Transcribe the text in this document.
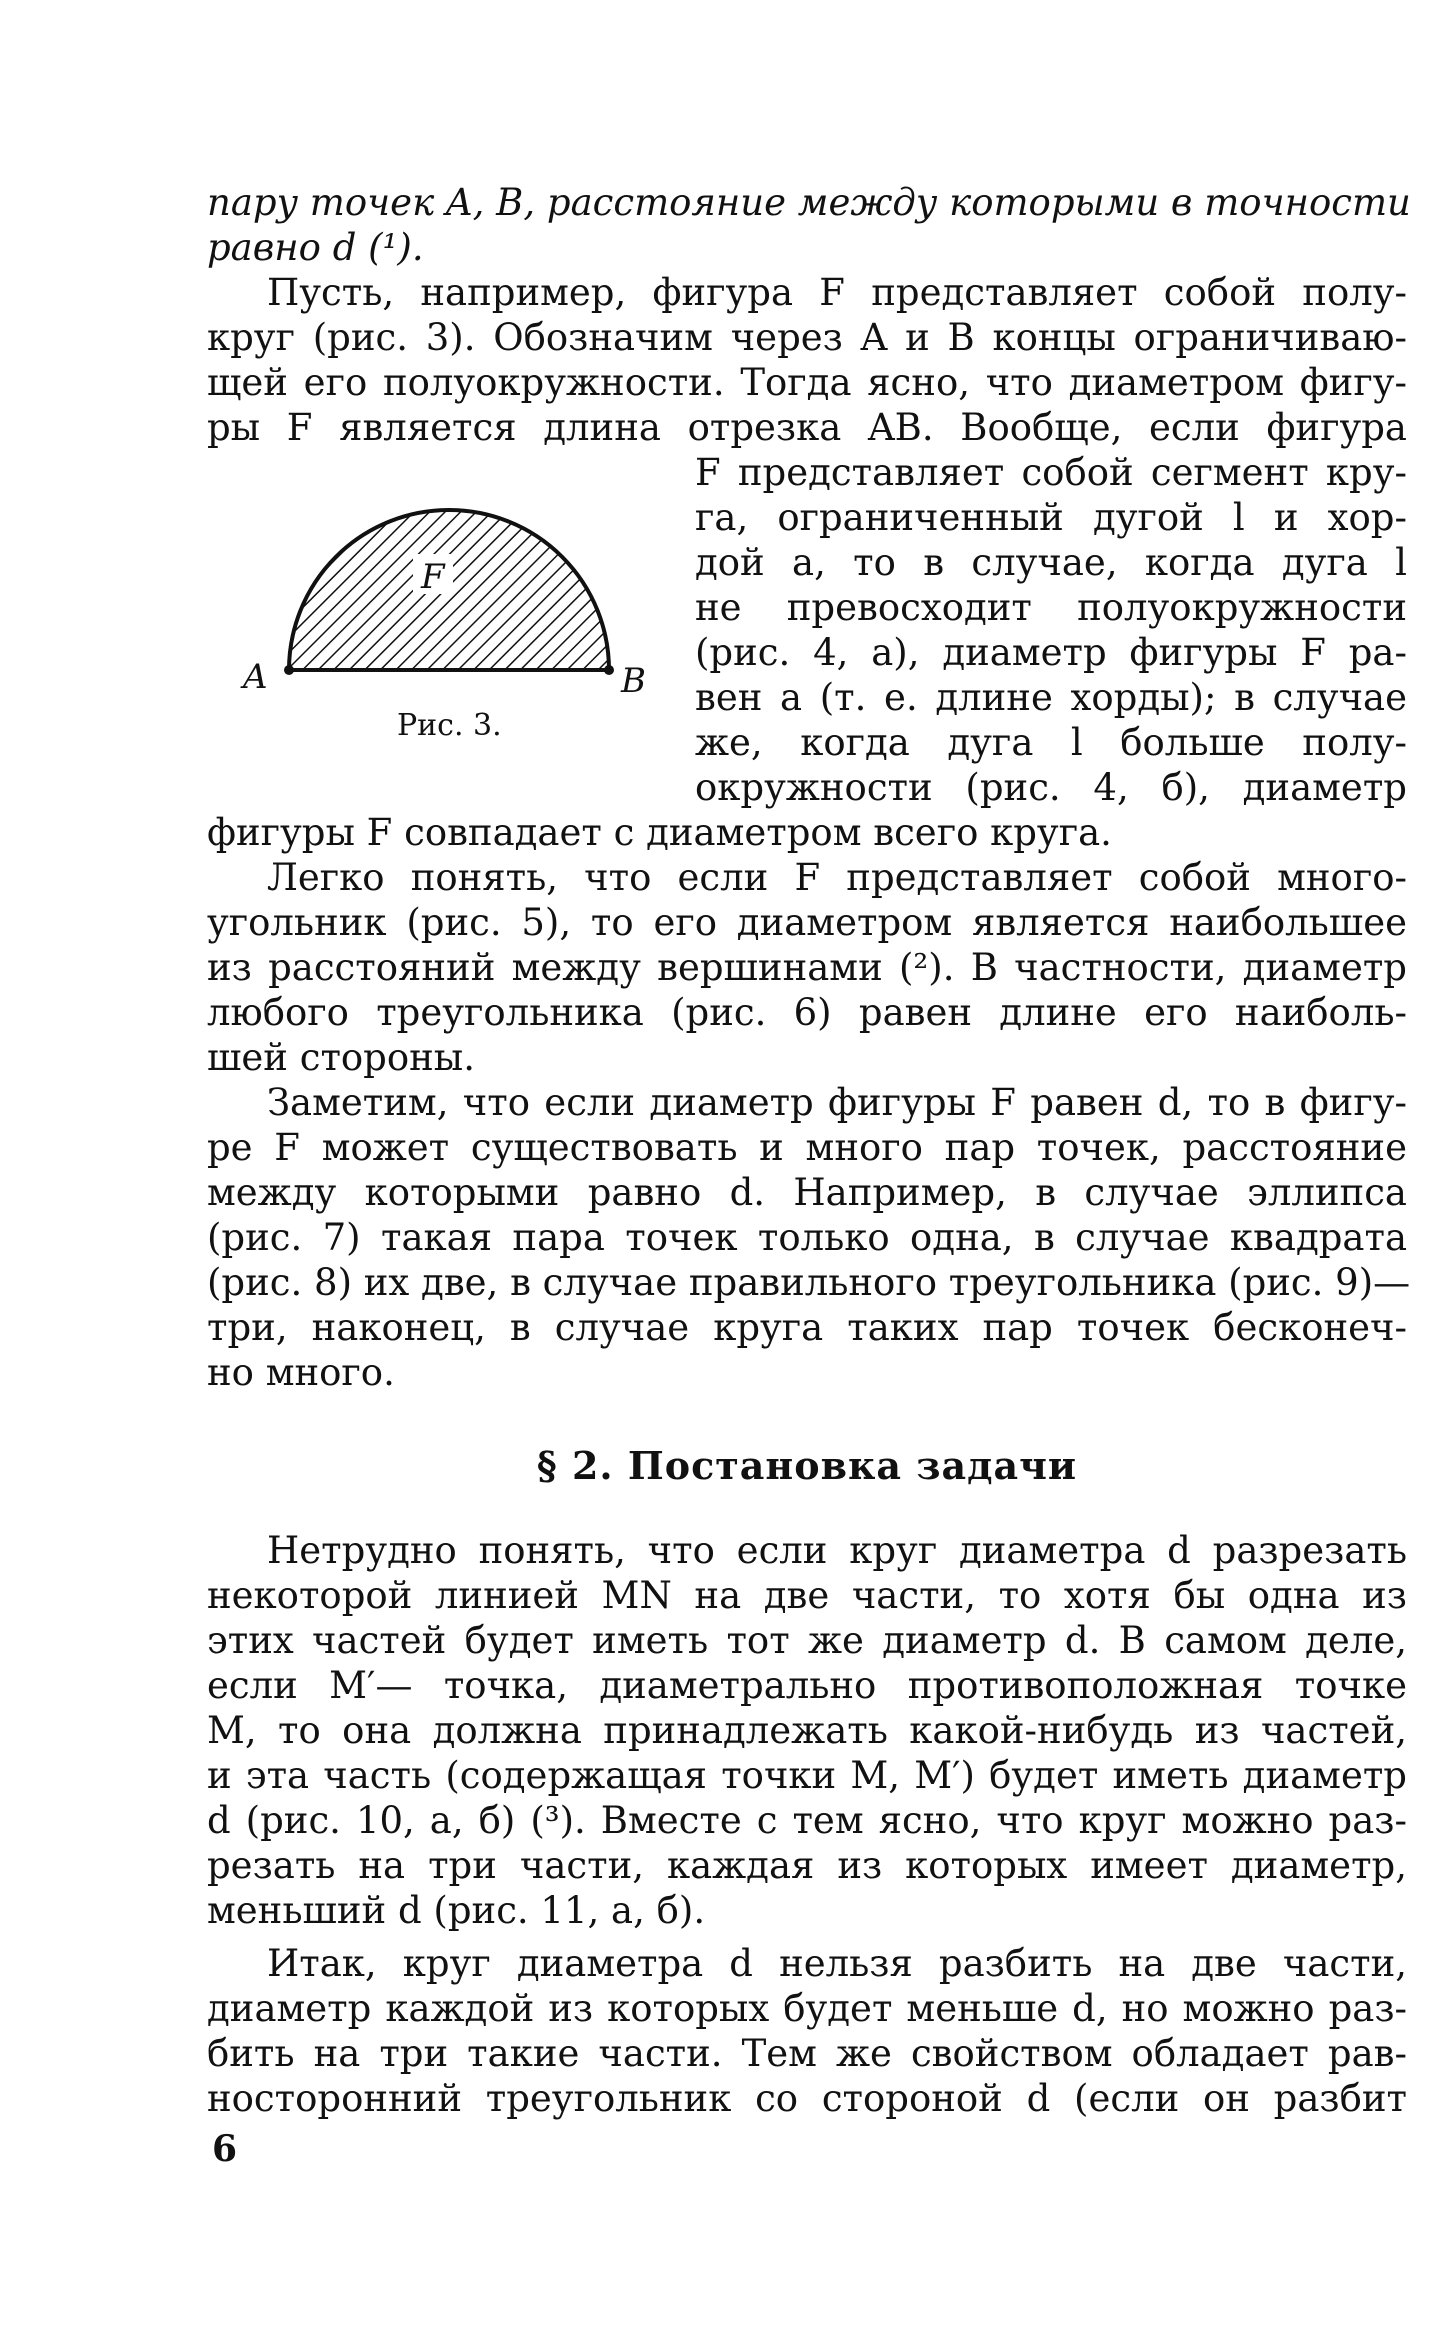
пару точек A, B, расстояние между которыми в точности
равно d (¹).
Пусть, например, фигура F представляет собой полу-
круг (рис. 3). Обозначим через A и B концы ограничиваю-
щей его полуокружности. Тогда ясно, что диаметром фигу-
ры F является длина отрезка AB. Вообще, если фигура
F
A	B
Рис. 3.
F представляет собой сегмент кру-
га, ограниченный дугой l и хор-
дой a, то в случае, когда дуга l
не превосходит полуокружности
(рис. 4, a), диаметр фигуры F ра-
вен a (т. е. длине хорды); в случае
же, когда дуга l больше полу-
окружности (рис. 4, б), диаметр
фигуры F совпадает с диаметром всего круга.
Легко понять, что если F представляет собой много-
угольник (рис. 5), то его диаметром является наибольшее
из расстояний между вершинами (²). В частности, диаметр
любого треугольника (рис. 6) равен длине его наиболь-
шей стороны.
Заметим, что если диаметр фигуры F равен d, то в фигу-
ре F может существовать и много пар точек, расстояние
между которыми равно d. Например, в случае эллипса
(рис. 7) такая пара точек только одна, в случае квадрата
(рис. 8) их две, в случае правильного треугольника (рис. 9)—
три, наконец, в случае круга таких пар точек бесконеч-
но много.
§ 2. Постановка задачи
Нетрудно понять, что если круг диаметра d разрезать
некоторой линией MN на две части, то хотя бы одна из
этих частей будет иметь тот же диаметр d. В самом деле,
если M′— точка, диаметрально противоположная точке
M, то она должна принадлежать какой-нибудь из частей,
и эта часть (содержащая точки M, M′) будет иметь диаметр
d (рис. 10, a, б) (³). Вместе с тем ясно, что круг можно раз-
резать на три части, каждая из которых имеет диаметр,
меньший d (рис. 11, a, б).
Итак, круг диаметра d нельзя разбить на две части,
диаметр каждой из которых будет меньше d, но можно раз-
бить на три такие части. Тем же свойством обладает рав-
носторонний треугольник со стороной d (если он разбит
6
